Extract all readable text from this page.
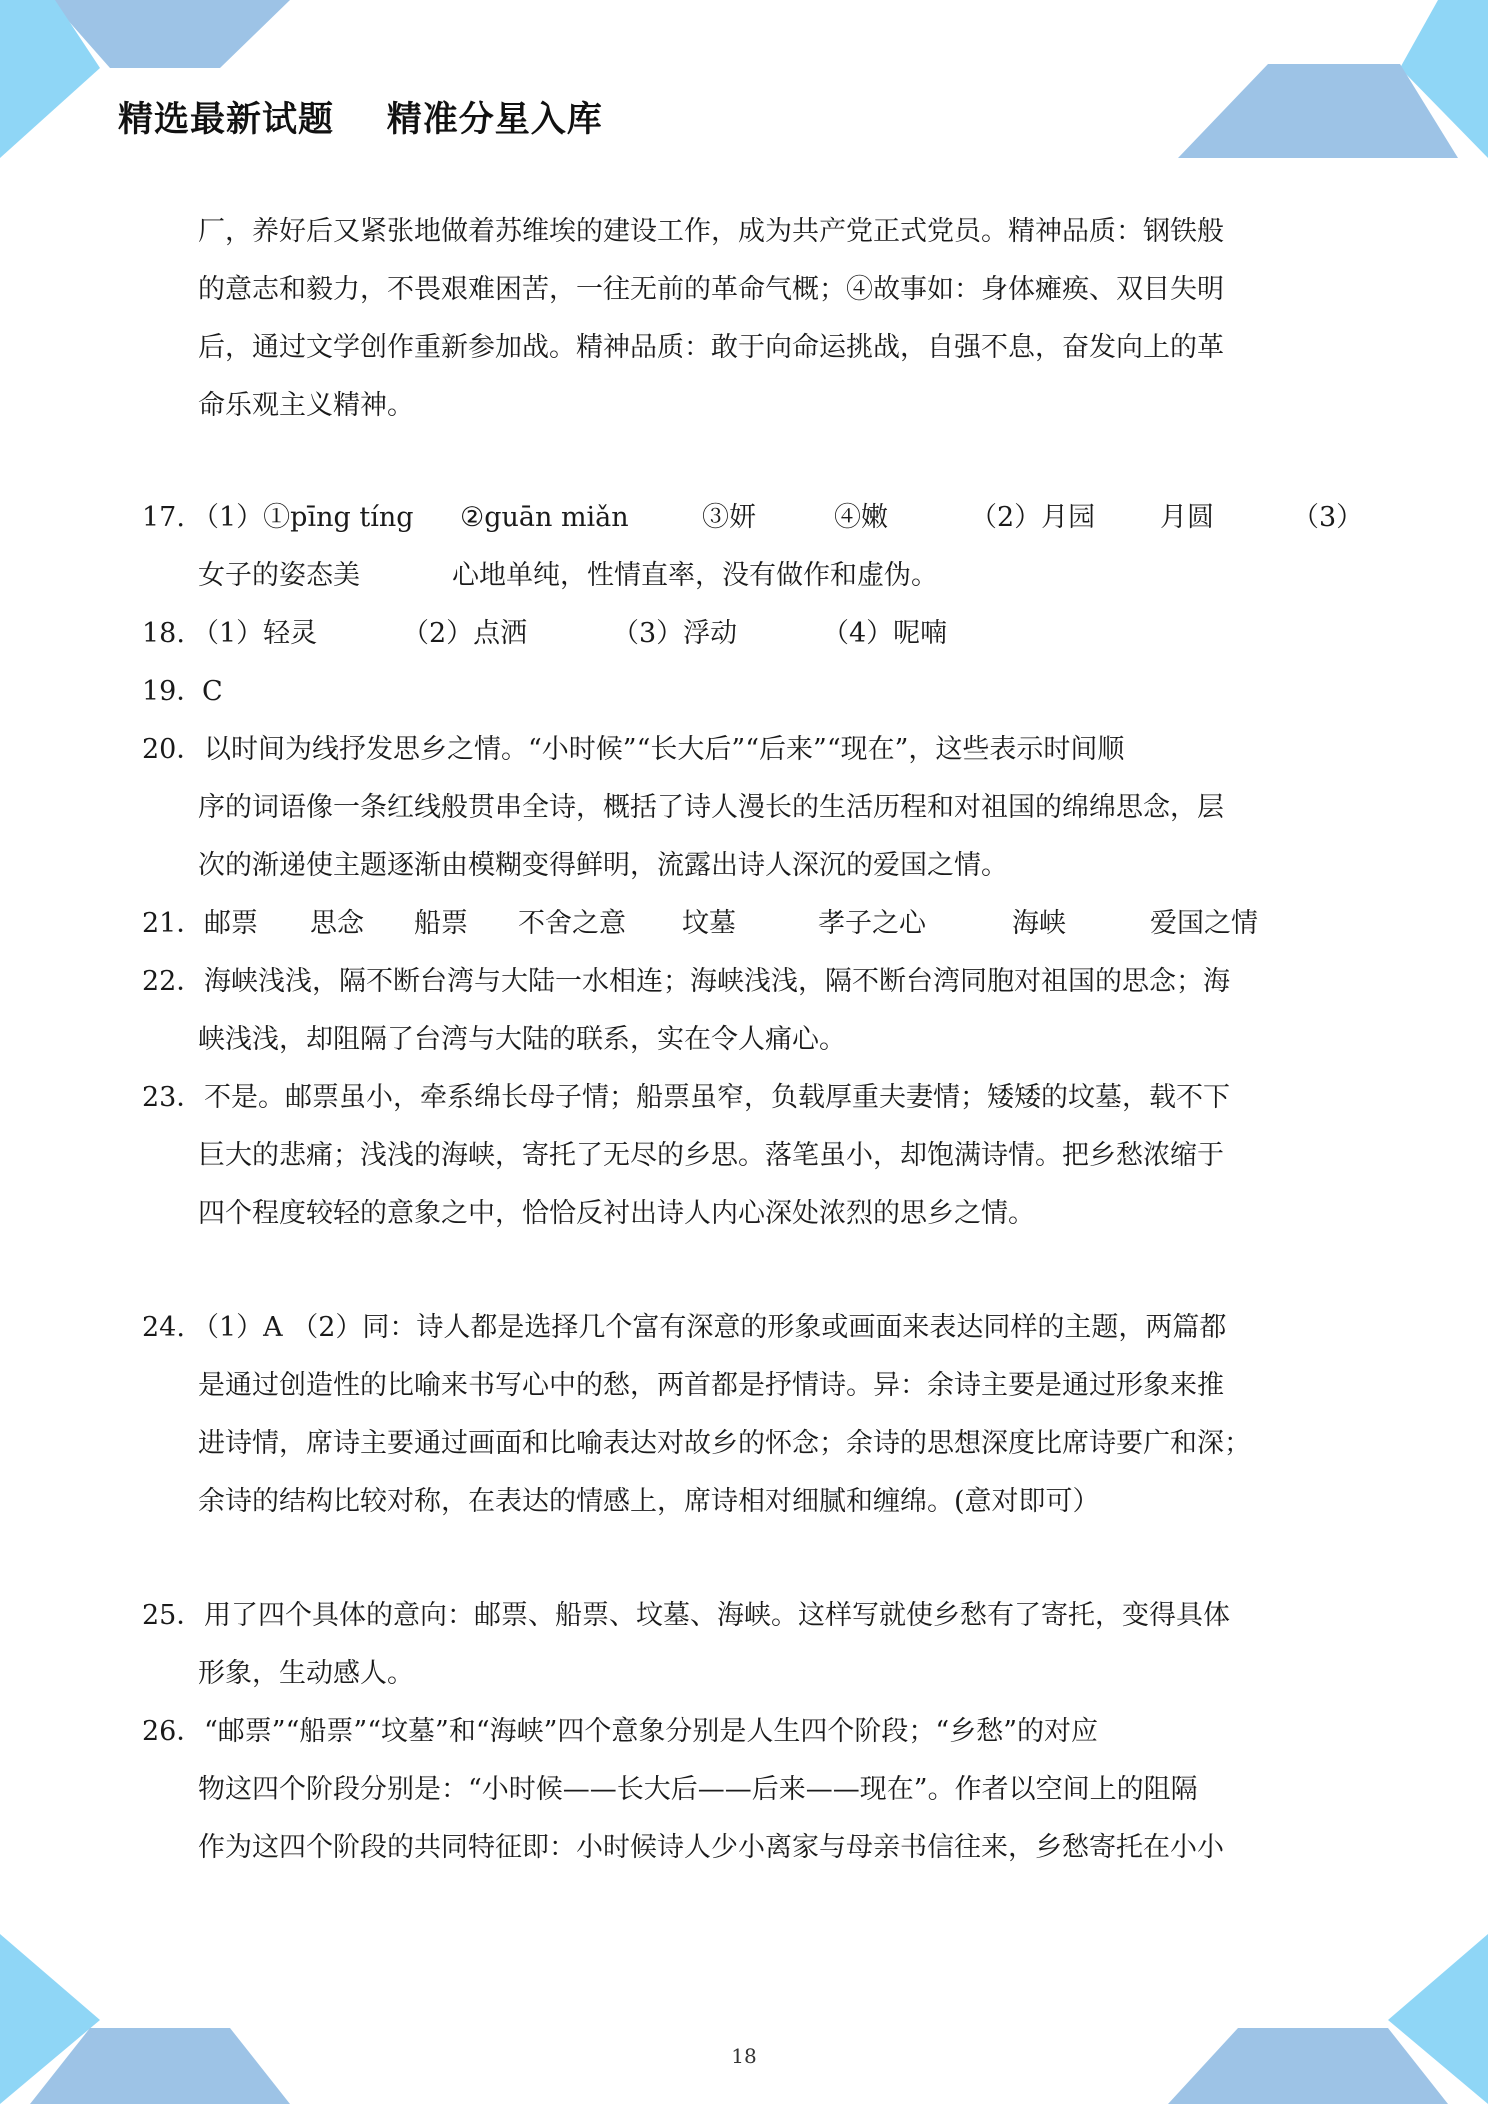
精选最新试题    精准分星入库
厂，养好后又紧张地做着苏维埃的建设工作，成为共产党正式党员。精神品质：钢铁般
的意志和毅力，不畏艰难困苦，一往无前的革命气概；④故事如：身体瘫痪、双目失明
后，通过文学创作重新参加战。精神品质：敢于向命运挑战，自强不息，奋发向上的革
命乐观主义精神。
17. （1）①pīng tíng ②guān miǎn	③妍	④嫩	（2）月园 月圆	（3）
女子的姿态美	心地单纯，性情直率，没有做作和虚伪。
18. （1）轻灵	（2）点洒	（3）浮动	（4）呢喃
19．
C
20． 以时间为线抒发思乡之情。“小时候”“长大后”“后来”“现在”，这些表示时间顺
序的词语像一条红线般贯串全诗，概括了诗人漫长的生活历程和对祖国的绵绵思念，层
次的渐递使主题逐渐由模糊变得鲜明，流露出诗人深沉的爱国之情。
21． 邮票 思念 船票 不舍之意 坟墓	孝子之心	海峡	爱国之情
22． 海峡浅浅，隔不断台湾与大陆一水相连；海峡浅浅，隔不断台湾同胞对祖国的思念；海
峡浅浅，却阻隔了台湾与大陆的联系，实在令人痛心。
23． 不是。邮票虽小，牵系绵长母子情；船票虽窄，负载厚重夫妻情；矮矮的坟墓，载不下
巨大的悲痛；浅浅的海峡，寄托了无尽的乡思。落笔虽小，却饱满诗情。把乡愁浓缩于
四个程度较轻的意象之中，恰恰反衬出诗人内心深处浓烈的思乡之情。
24. （1）A （2）同：诗人都是选择几个富有深意的形象或画面来表达同样的主题，两篇都
是通过创造性的比喻来书写心中的愁，两首都是抒情诗。异：余诗主要是通过形象来推
进诗情，席诗主要通过画面和比喻表达对故乡的怀念；余诗的思想深度比席诗要广和深；
余诗的结构比较对称，在表达的情感上，席诗相对细腻和缠绵。(意对即可）
25． 用了四个具体的意向：邮票、船票、坟墓、海峡。这样写就使乡愁有了寄托，变得具体
形象，生动感人。
26． “邮票”“船票”“坟墓”和“海峡”四个意象分别是人生四个阶段；“乡愁”的对应
物这四个阶段分别是：“小时候——长大后——后来——现在”。作者以空间上的阻隔
作为这四个阶段的共同特征即：小时候诗人少小离家与母亲书信往来，乡愁寄托在小小
18
